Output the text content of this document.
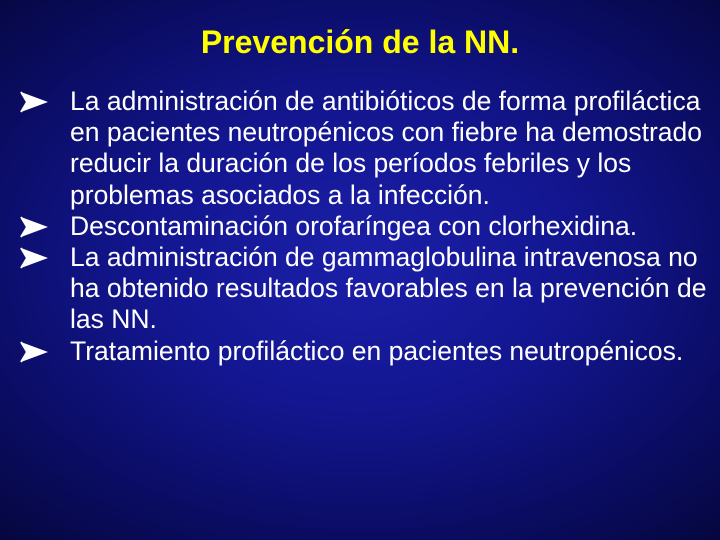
Prevención de la NN.
La administración de antibióticos de forma profiláctica en pacientes neutropénicos con fiebre ha demostrado reducir la duración de los períodos febriles y los problemas asociados a la infección.
Descontaminación orofaríngea con clorhexidina.
La administración de gammaglobulina intravenosa no ha obtenido resultados favorables en la prevención de las NN.
Tratamiento profiláctico en pacientes neutropénicos.
